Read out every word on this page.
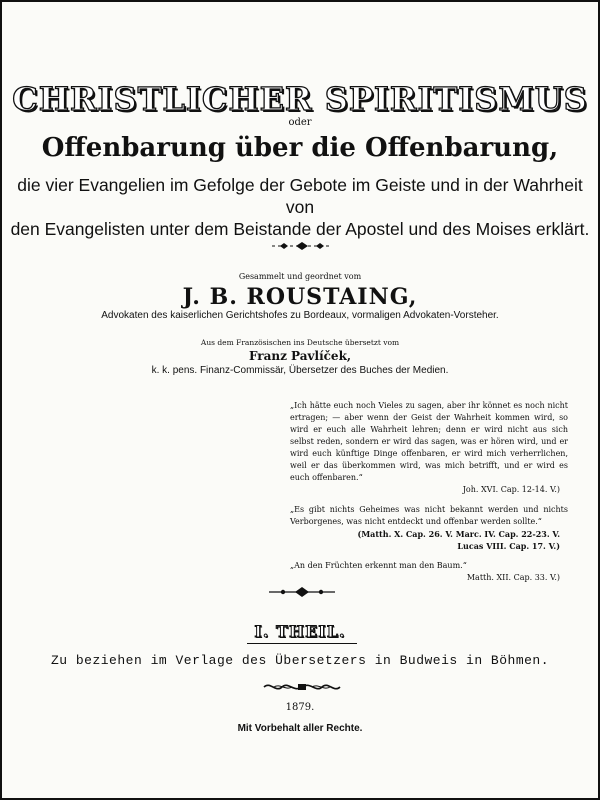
CHRISTLICHER SPIRITISMUS
oder
Offenbarung über die Offenbarung,
die vier Evangelien im Gefolge der Gebote im Geiste und in der Wahrheit von
den Evangelisten unter dem Beistande der Apostel und des Moises erklärt.
Gesammelt und geordnet vom
J. B. ROUSTAING,
Advokaten des kaiserlichen Gerichtshofes zu Bordeaux, vormaligen Advokaten-Vorsteher.
Aus dem Französischen ins Deutsche übersetzt vom
Franz Pavlíček,
k. k. pens. Finanz-Commissär, Übersetzer des Buches der Medien.
„Ich hätte euch noch Vieles zu sagen, aber ihr könnet es noch nicht ertragen; — aber wenn der Geist der Wahrheit kommen wird, so wird er euch alle Wahrheit lehren; denn er wird nicht aus sich selbst reden, sondern er wird das sagen, was er hören wird, und er wird euch künftige Dinge offenbaren, er wird mich verherrlichen, weil er das überkommen wird, was mich betrifft, und er wird es euch offenbaren.“
Joh. XVI. Cap. 12-14. V.)
„Es gibt nichts Geheimes was nicht bekannt werden und nichts Verborgenes, was nicht entdeckt und offenbar werden sollte.“
(Matth. X. Cap. 26. V. Marc. IV. Cap. 22-23. V.
Lucas VIII. Cap. 17. V.)
„An den Früchten erkennt man den Baum.“
Matth. XII. Cap. 33. V.)
I. THEIL.
Zu beziehen im Verlage des Übersetzers in Budweis in Böhmen.
1879.
Mit Vorbehalt aller Rechte.
